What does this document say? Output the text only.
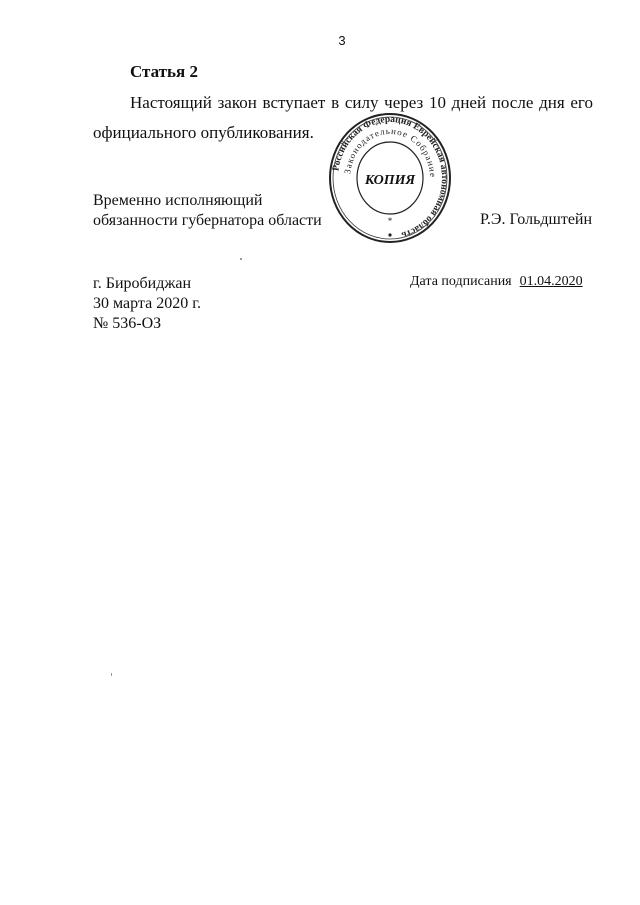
3
Статья 2
Настоящий закон вступает в силу через 10 дней после дня его официального опубликования.
Российская Федерация Еврейская автономная область
Законодательное Собрание
КОПИЯ
*
Временно исполняющий
обязанности губернатора области	Р.Э. Гольдштейн
г. Биробиджан
30 марта 2020 г.
№ 536-ОЗ
Дата подписания 01.04.2020
